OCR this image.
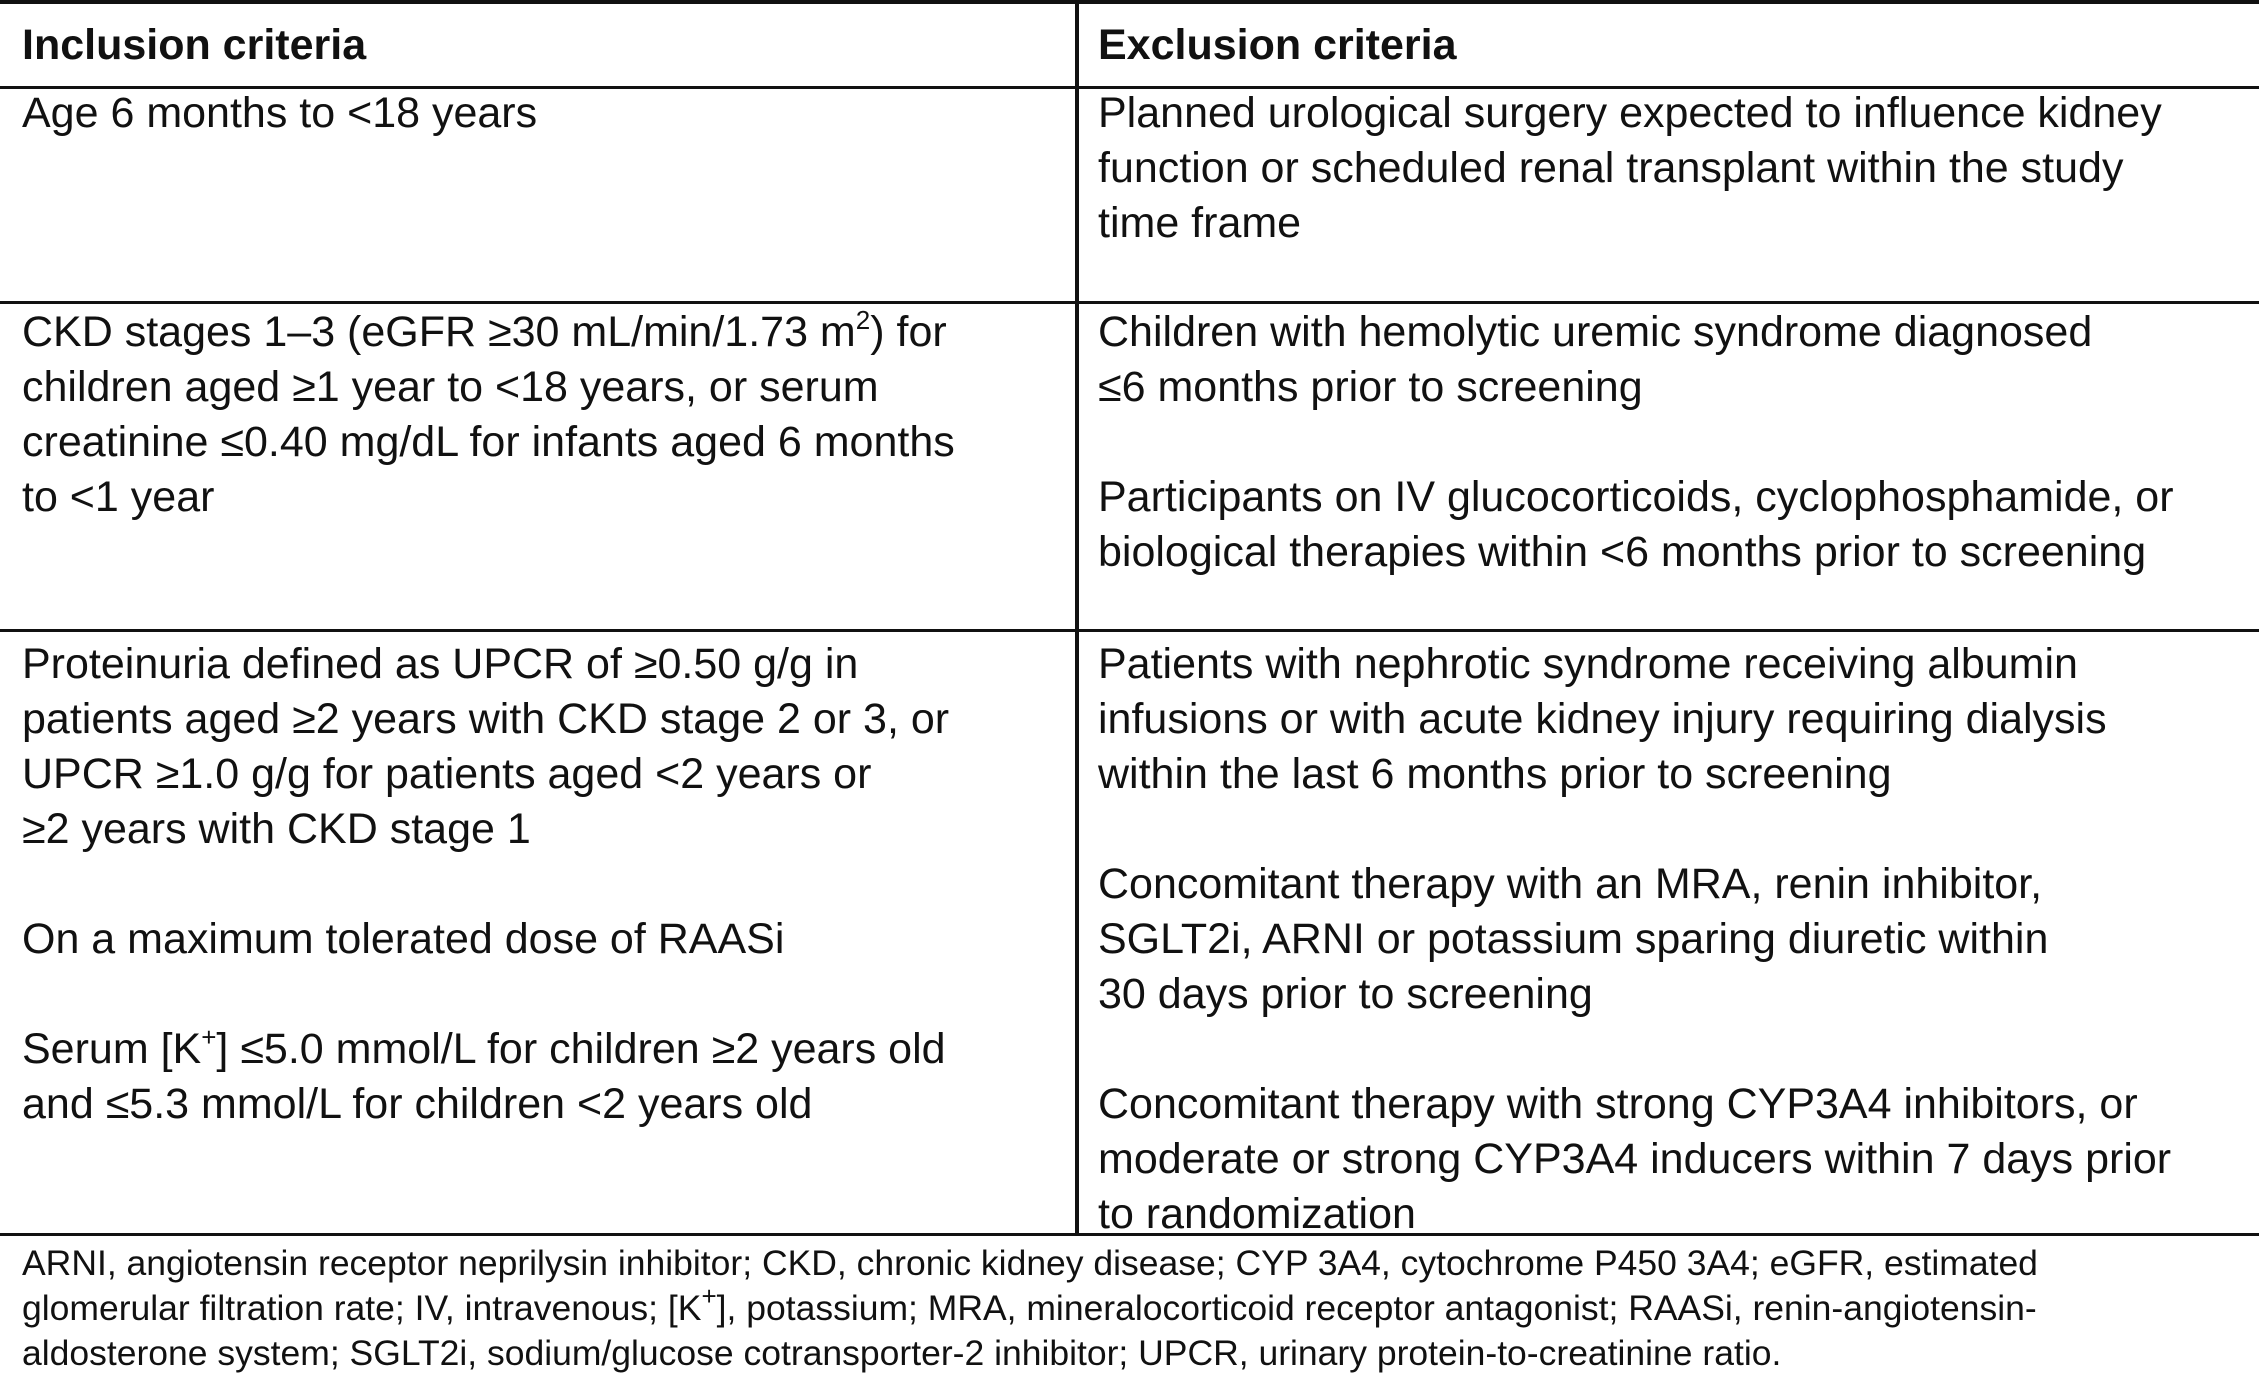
Inclusion criteria	Exclusion criteria
Age 6 months to <18 years	Planned urological surgery expected to influence kidney
function or scheduled renal transplant within the study
time frame
CKD stages 1–3 (eGFR ≥30 mL/min/1.73 $m^2$) for
children aged ≥1 year to <18 years, or serum
creatinine ≤0.40 mg/dL for infants aged 6 months
to <1 year
Children with hemolytic uremic syndrome diagnosed
≤6 months prior to screening
Participants on IV glucocorticoids, cyclophosphamide, or
biological therapies within <6 months prior to screening
Proteinuria defined as UPCR of ≥0.50 g/g in
patients aged ≥2 years with CKD stage 2 or 3, or
UPCR ≥1.0 g/g for patients aged <2 years or
≥2 years with CKD stage 1
On a maximum tolerated dose of RAASi
Serum [K+] ≤5.0 mmol/L for children ≥2 years old
and ≤5.3 mmol/L for children <2 years old
Patients with nephrotic syndrome receiving albumin
infusions or with acute kidney injury requiring dialysis
within the last 6 months prior to screening
Concomitant therapy with an MRA, renin inhibitor,
SGLT2i, ARNI or potassium sparing diuretic within
30 days prior to screening
Concomitant therapy with strong CYP3A4 inhibitors, or
moderate or strong CYP3A4 inducers within 7 days prior
to randomization
ARNI, angiotensin receptor neprilysin inhibitor; CKD, chronic kidney disease; CYP 3A4, cytochrome P450 3A4; eGFR, estimated
glomerular filtration rate; IV, intravenous; [K+], potassium; MRA, mineralocorticoid receptor antagonist; RAASi, renin-angiotensin-
aldosterone system; SGLT2i, sodium/glucose cotransporter-2 inhibitor; UPCR, urinary protein-to-creatinine ratio.
